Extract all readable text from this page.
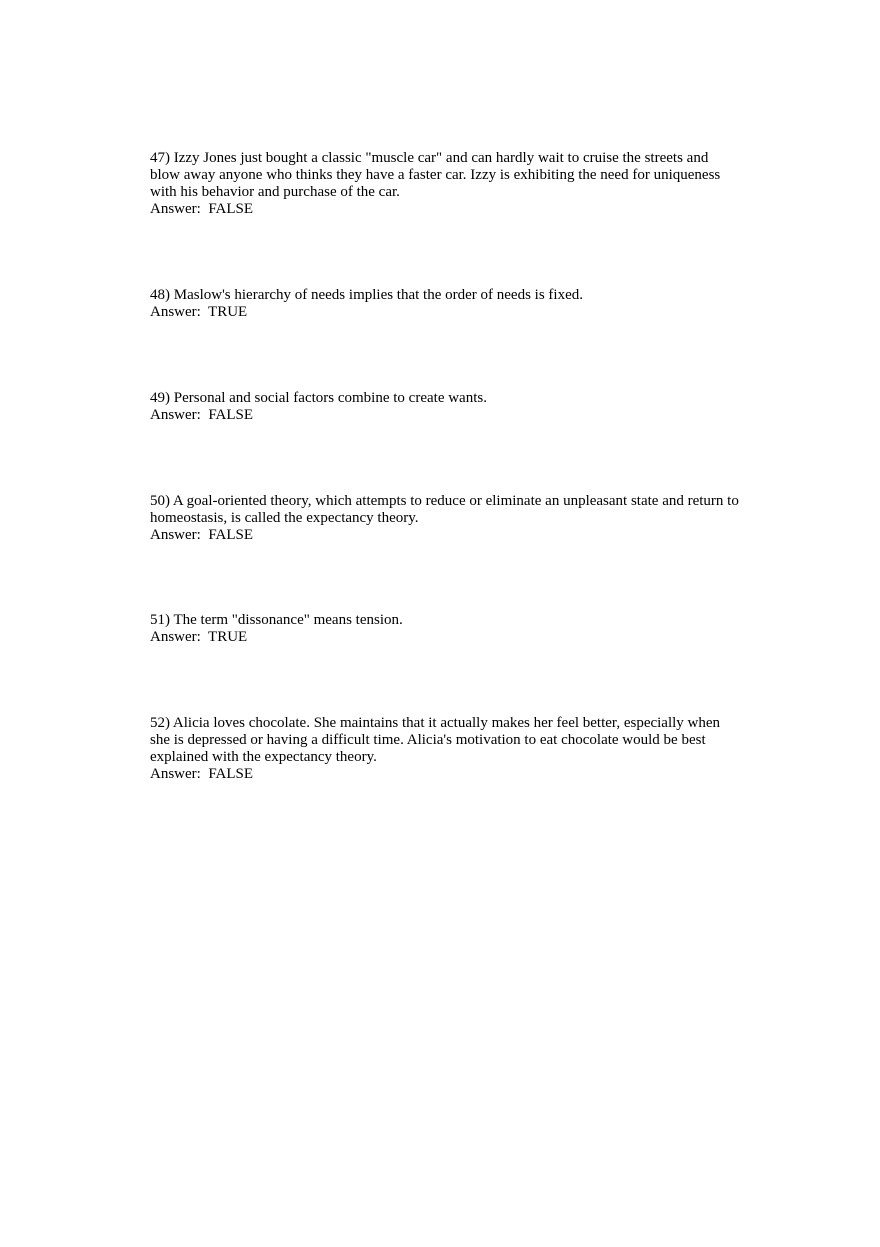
47) Izzy Jones just bought a classic "muscle car" and can hardly wait to cruise the streets and blow away anyone who thinks they have a faster car. Izzy is exhibiting the need for uniqueness with his behavior and purchase of the car.

Answer:  FALSE

48) Maslow's hierarchy of needs implies that the order of needs is fixed.

Answer:  TRUE

49) Personal and social factors combine to create wants.

Answer:  FALSE

50) A goal-oriented theory, which attempts to reduce or eliminate an unpleasant state and return to homeostasis, is called the expectancy theory.

Answer:  FALSE

51) The term "dissonance" means tension.

Answer:  TRUE

52) Alicia loves chocolate. She maintains that it actually makes her feel better, especially when she is depressed or having a difficult time. Alicia's motivation to eat chocolate would be best explained with the expectancy theory.

Answer:  FALSE
